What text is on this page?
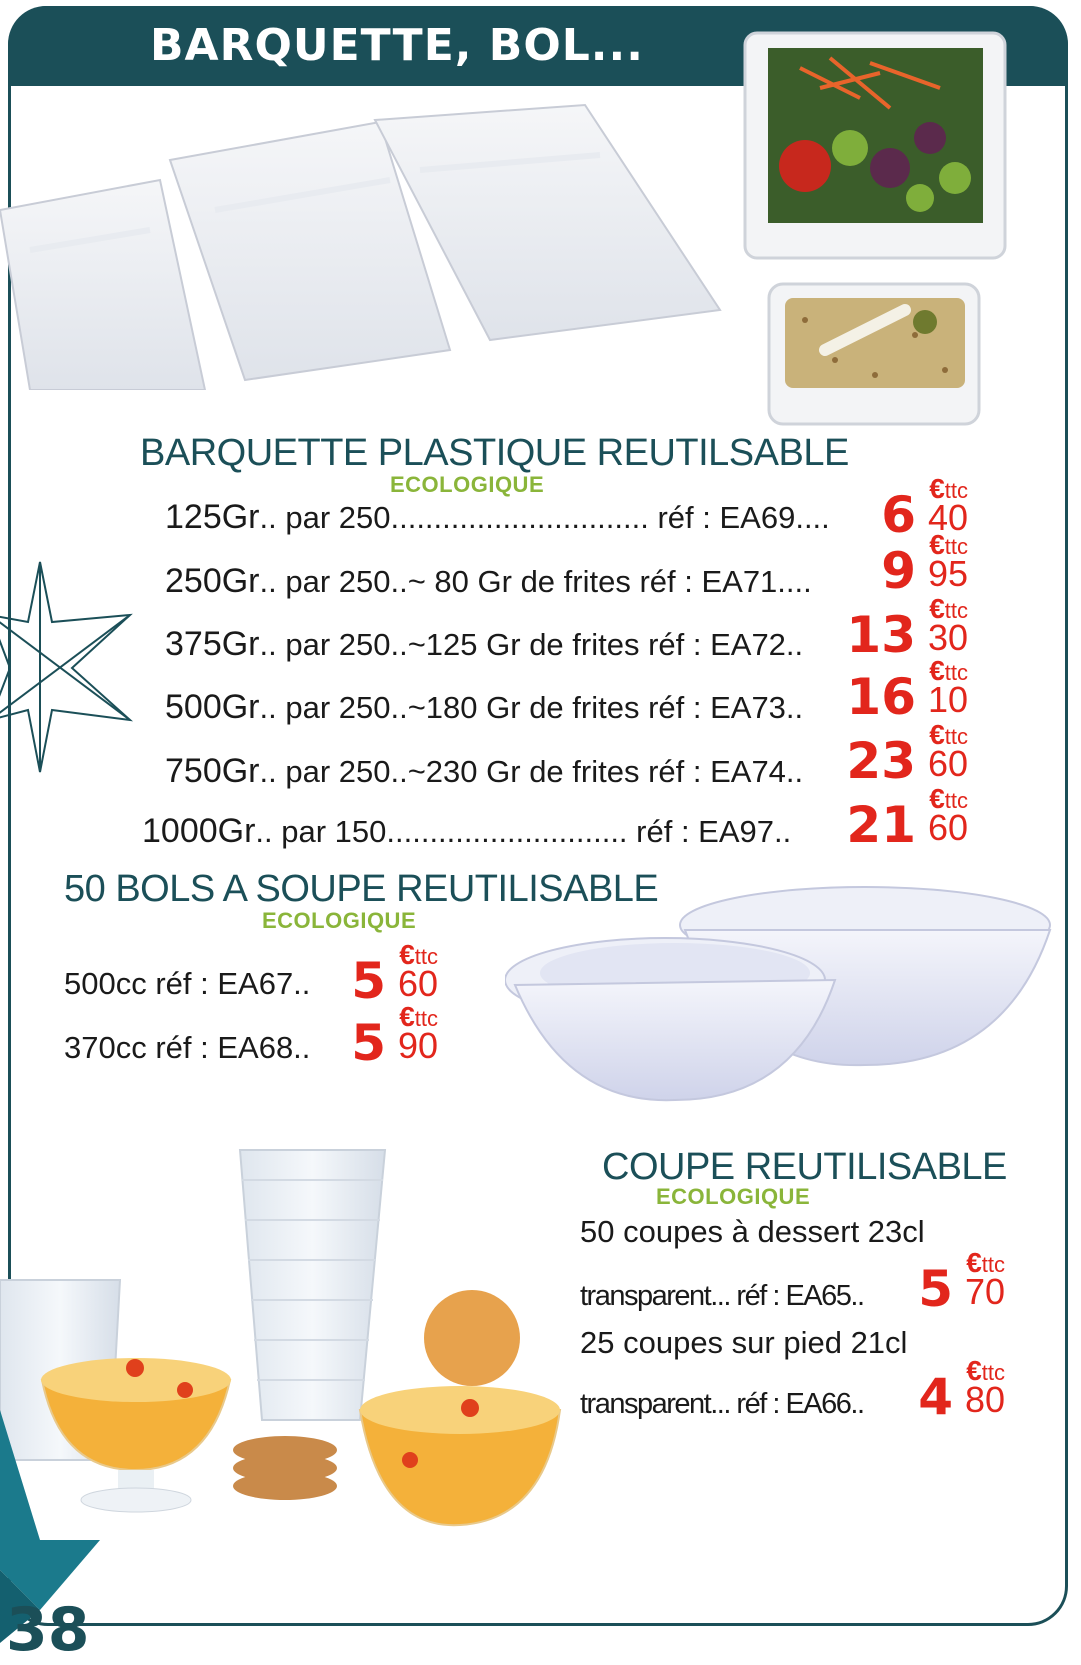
BARQUETTE, BOL...
BARQUETTE PLASTIQUE REUTILSABLE
ECOLOGIQUE
125Gr.. par 250.............................. réf : EA69.... 6 €ttc
40
250Gr.. par 250..~ 80 Gr de frites réf : EA71.... 9 €ttc
95
375Gr.. par 250..~125 Gr de frites réf : EA72.. 13 €ttc
30
500Gr.. par 250..~180 Gr de frites réf : EA73.. 16 €ttc
10
750Gr.. par 250..~230 Gr de frites réf : EA74.. 23 €ttc
60
1000Gr.. par 150............................ réf : EA97.. 21 €ttc
60
50 BOLS A SOUPE REUTILISABLE
ECOLOGIQUE
500cc réf : EA67.. 5 €ttc
60
370cc réf : EA68.. 5 €ttc
90
COUPE REUTILISABLE
ECOLOGIQUE
50 coupes à dessert 23cl
transparent... réf : EA65.. 5 €ttc
70
25 coupes sur pied 21cl
transparent... réf : EA66.. 4 €ttc
80
38
